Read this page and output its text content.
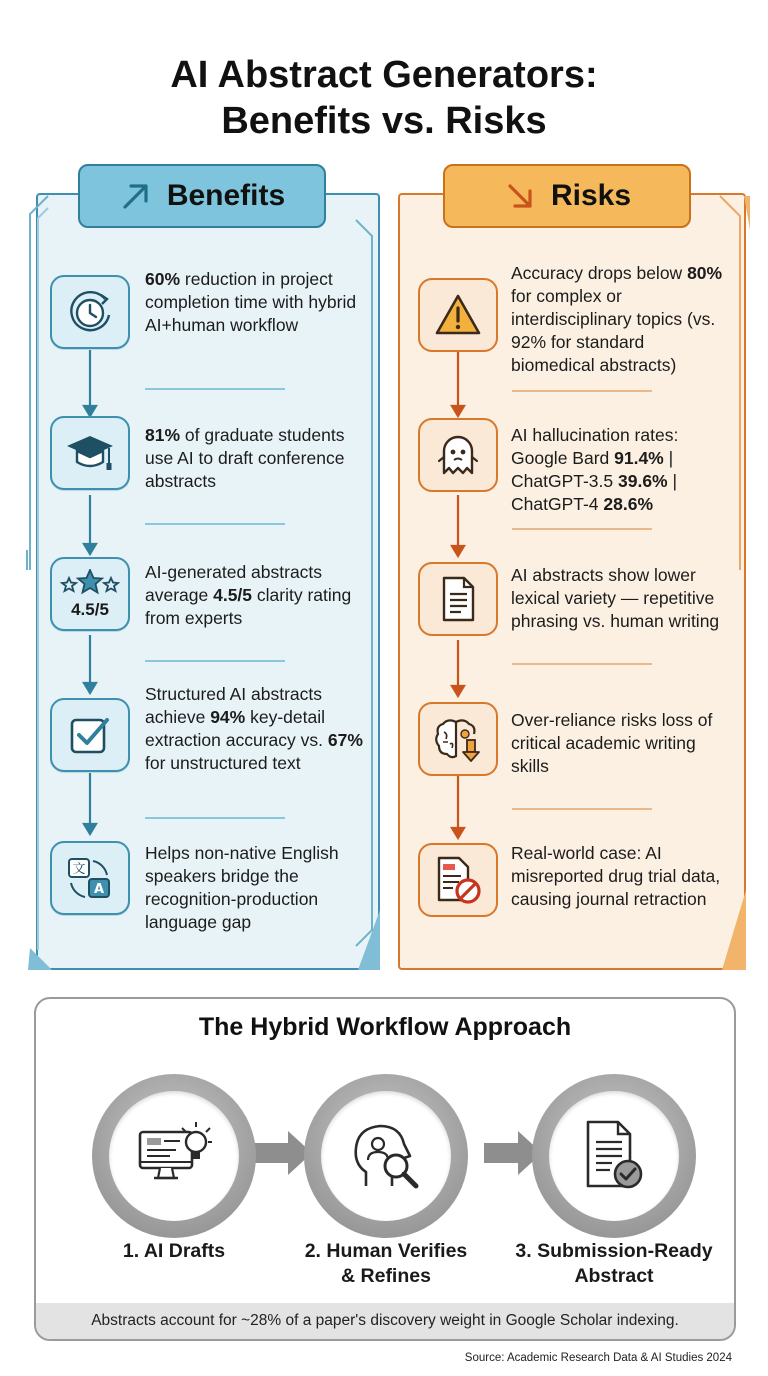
AI Abstract Generators:
Benefits vs. Risks
Benefits
60% reduction in project completion time with hybrid AI+human workflow
81% of graduate students use AI to draft conference abstracts
4.5/5
AI-generated abstracts average 4.5/5 clarity rating from experts
Structured AI abstracts achieve 94% key-detail extraction accuracy vs. 67% for unstructured text
文
A
Helps non-native English speakers bridge the recognition-production language gap
Risks
Accuracy drops below 80% for complex or interdisciplinary topics (vs. 92% for standard biomedical abstracts)
AI hallucination rates: Google Bard 91.4% | ChatGPT-3.5 39.6% | ChatGPT-4 28.6%
AI abstracts show lower lexical variety — repetitive phrasing vs. human writing
Over-reliance risks loss of critical academic writing skills
Real-world case: AI misreported drug trial data, causing journal retraction
The Hybrid Workflow Approach
1. AI Drafts	2. Human Verifies
& Refines
3. Submission-Ready
Abstract
Abstracts account for ~28% of a paper's discovery weight in Google Scholar indexing.
Source: Academic Research Data & AI Studies 2024
